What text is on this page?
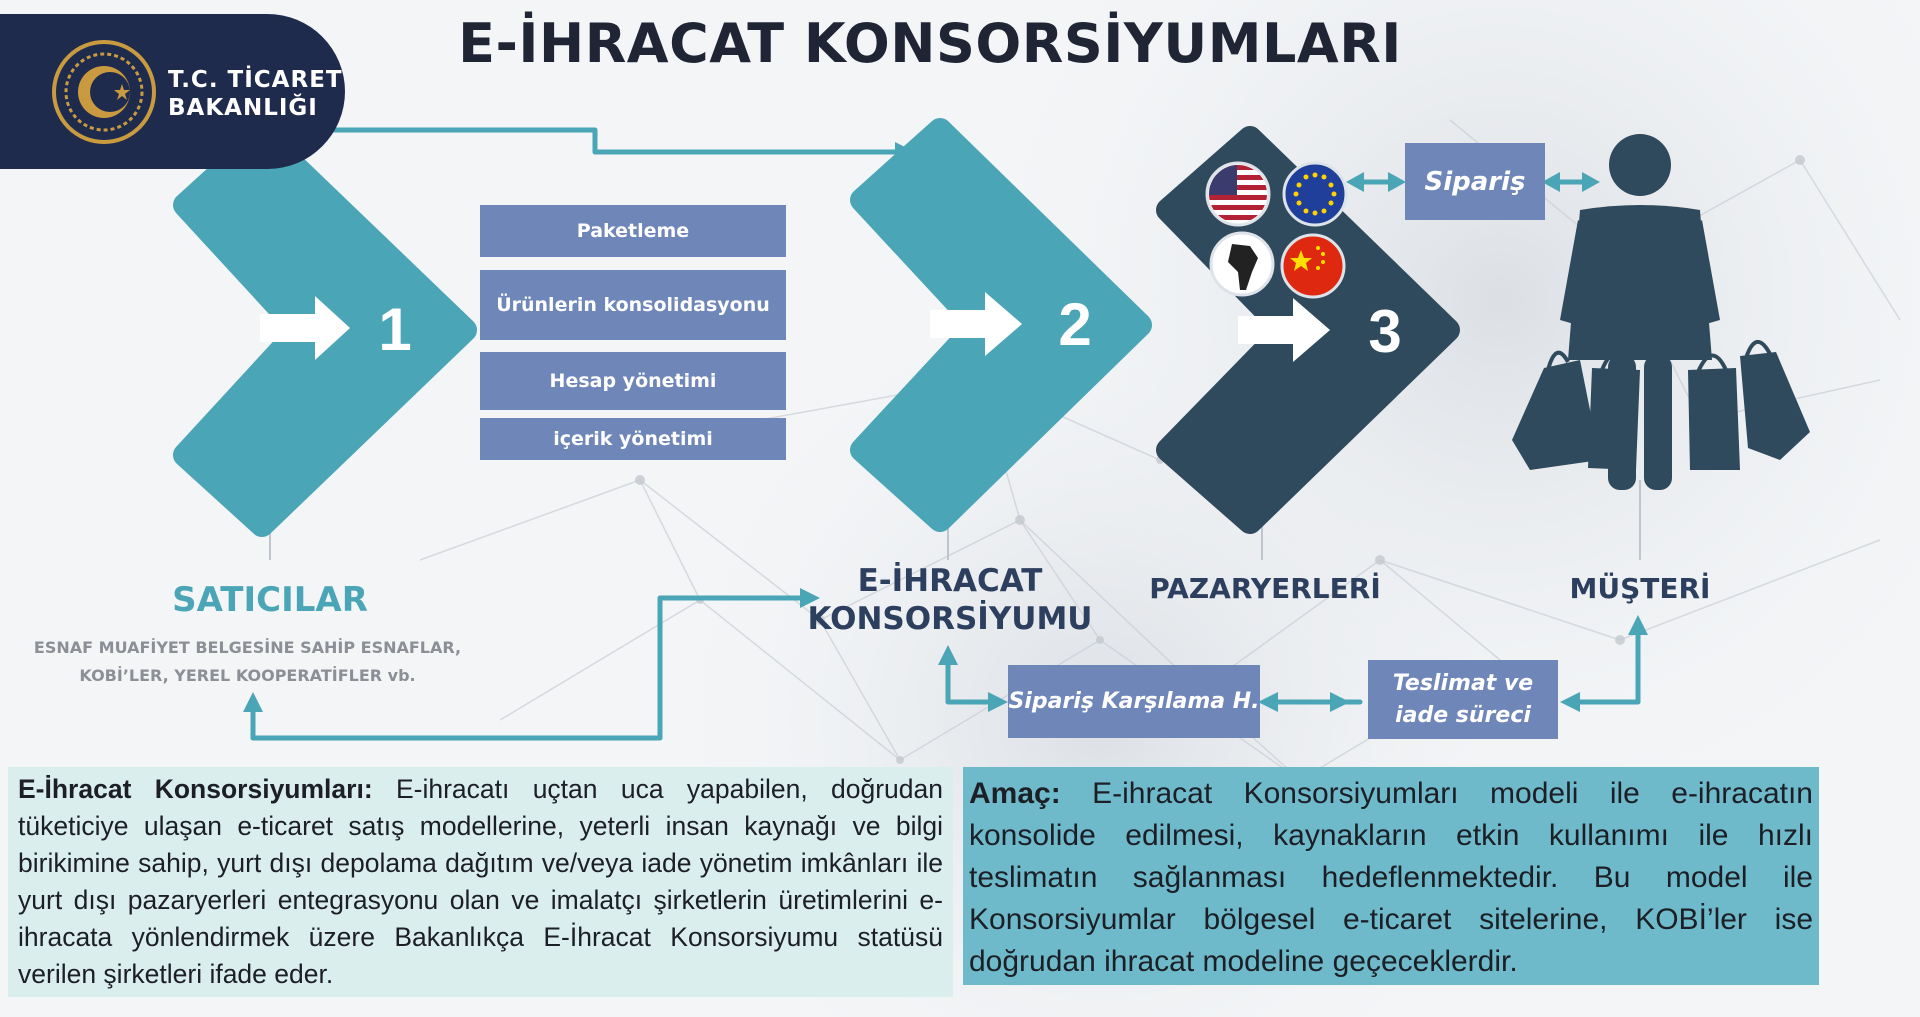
T.C. TİCARET
BAKANLIĞI
E-İHRACAT KONSORSİYUMLARI
1	2	3
Paketleme
Ürünlerin konsolidasyonu
Hesap yönetimi
içerik yönetimi
Sipariş
Sipariş Karşılama H.
Teslimat ve
iade süreci
SATICILAR
ESNAF MUAFİYET BELGESİNE SAHİP ESNAFLAR,
KOBİ’LER, YEREL KOOPERATİFLER vb.
E-İHRACAT
KONSORSİYUMU
PAZARYERLERİ	MÜŞTERİ

E-İhracat Konsorsiyumları: E-ihracatı uçtan uca yapabilen, doğrudan tüketiciye ulaşan e-ticaret satış modellerine, yeterli insan kaynağı ve bilgi birikimine sahip, yurt dışı depolama dağıtım ve/veya iade yönetim imkânları ile yurt dışı pazaryerleri entegrasyonu olan ve imalatçı şirketlerin üretimlerini e-ihracata yönlendirmek üzere Bakanlıkça E-İhracat Konsorsiyumu statüsü verilen şirketleri ifade eder.

Amaç: E-ihracat Konsorsiyumları modeli ile e-ihracatın konsolide edilmesi, kaynakların etkin kullanımı ile hızlı teslimatın sağlanması hedeflenmektedir. Bu model ile Konsorsiyumlar bölgesel e-ticaret sitelerine, KOBİ’ler ise doğrudan ihracat modeline geçeceklerdir.
